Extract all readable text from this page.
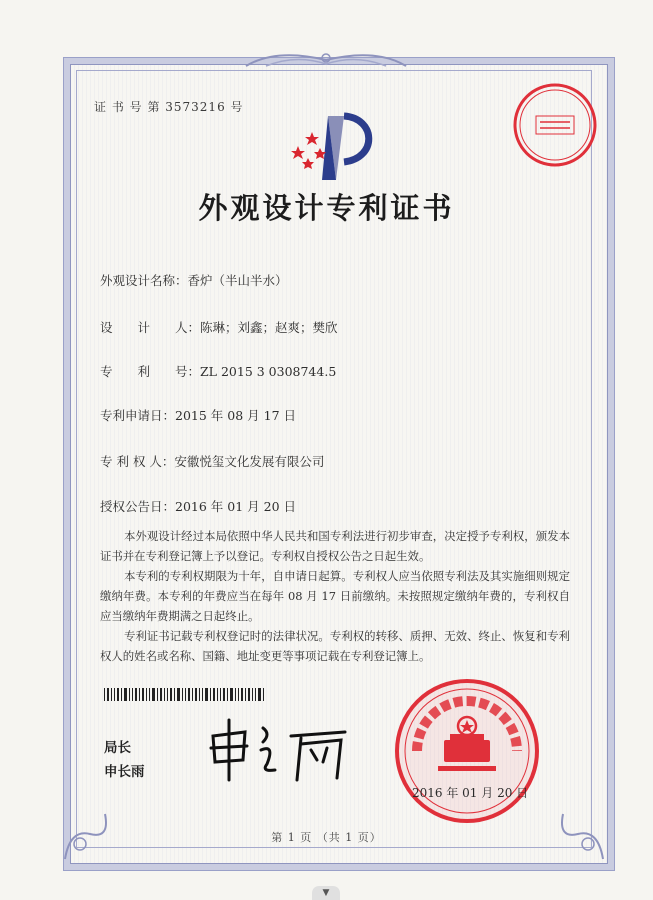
证 书 号 第 3573216 号
外观设计专利证书
外观设计名称：香炉（半山半水）
设　　计　　人：陈琳；刘鑫；赵爽；樊欣
专　　利　　号：ZL 2015 3 0308744.5
专利申请日：2015 年 08 月 17 日
专 利 权 人：安徽悦玺文化发展有限公司
授权公告日：2016 年 01 月 20 日

本外观设计经过本局依照中华人民共和国专利法进行初步审查，决定授予专利权，颁发本证书并在专利登记簿上予以登记。专利权自授权公告之日起生效。

本专利的专利权期限为十年，自申请日起算。专利权人应当依照专利法及其实施细则规定缴纳年费。本专利的年费应当在每年 08 月 17 日前缴纳。未按照规定缴纳年费的，专利权自应当缴纳年费期满之日起终止。

专利证书记载专利权登记时的法律状况。专利权的转移、质押、无效、终止、恢复和专利权人的姓名或名称、国籍、地址变更等事项记载在专利登记簿上。

局长
申长雨
2016 年 01 月 20 日
第 1 页 （共 1 页）
▼
